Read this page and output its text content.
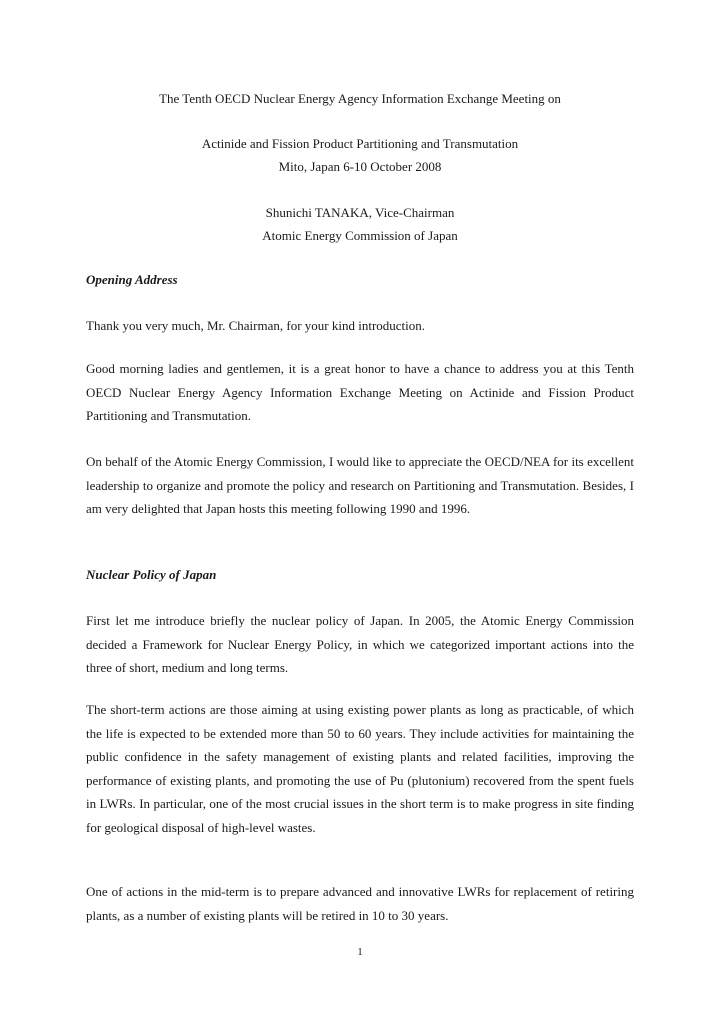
The Tenth OECD Nuclear Energy Agency Information Exchange Meeting on
Actinide and Fission Product Partitioning and Transmutation
Mito, Japan 6-10 October 2008
Shunichi TANAKA, Vice-Chairman
Atomic Energy Commission of Japan
Opening Address
Thank you very much, Mr. Chairman, for your kind introduction.
Good morning ladies and gentlemen, it is a great honor to have a chance to address you at this Tenth OECD Nuclear Energy Agency Information Exchange Meeting on Actinide and Fission Product Partitioning and Transmutation.
On behalf of the Atomic Energy Commission, I would like to appreciate the OECD/NEA for its excellent leadership to organize and promote the policy and research on Partitioning and Transmutation. Besides, I am very delighted that Japan hosts this meeting following 1990 and 1996.
Nuclear Policy of Japan
First let me introduce briefly the nuclear policy of Japan. In 2005, the Atomic Energy Commission decided a Framework for Nuclear Energy Policy, in which we categorized important actions into the three of short, medium and long terms.
The short-term actions are those aiming at using existing power plants as long as practicable, of which the life is expected to be extended more than 50 to 60 years. They include activities for maintaining the public confidence in the safety management of existing plants and related facilities, improving the performance of existing plants, and promoting the use of Pu (plutonium) recovered from the spent fuels in LWRs. In particular, one of the most crucial issues in the short term is to make progress in site finding for geological disposal of high-level wastes.
One of actions in the mid-term is to prepare advanced and innovative LWRs for replacement of retiring plants, as a number of existing plants will be retired in 10 to 30 years.
1
